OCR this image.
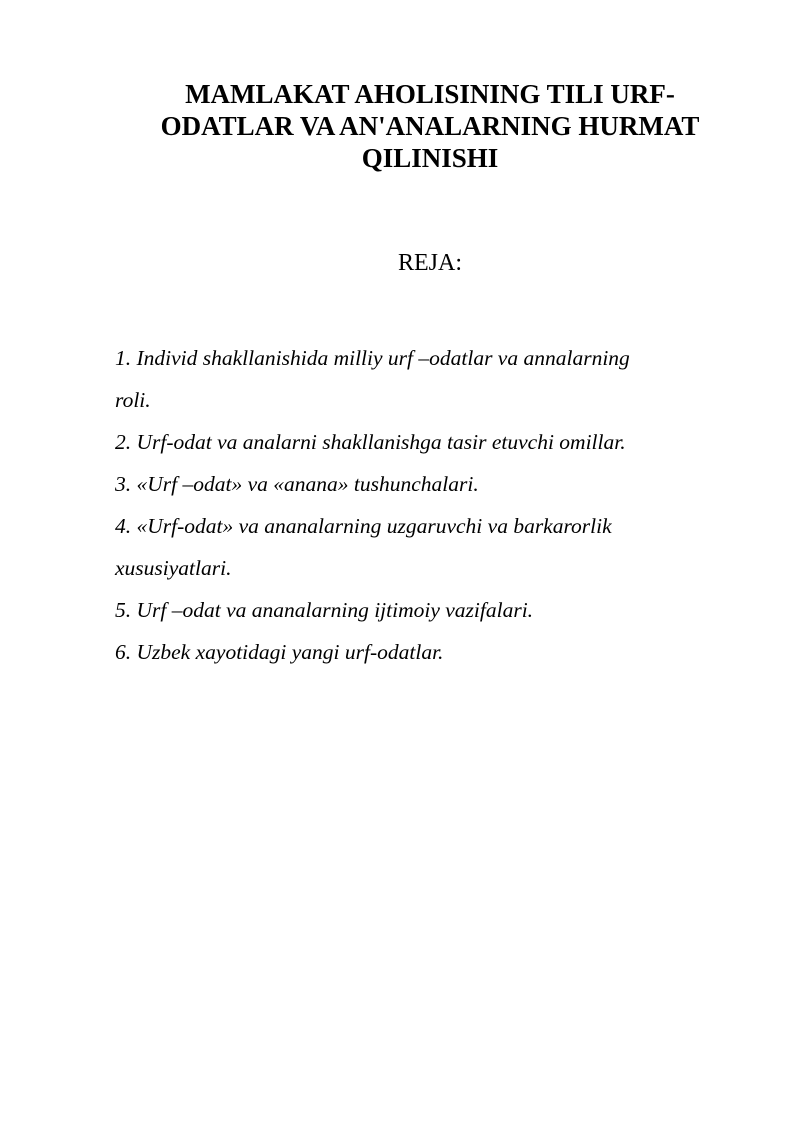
MAMLAKAT AHOLISINING TILI URF-
ODATLAR VA AN'ANALARNING HURMAT
QILINISHI
REJA:
1. Individ shakllanishida milliy urf –odatlar va annalarning
roli.
2. Urf-odat va analarni shakllanishga tasir etuvchi omillar.
3. «Urf –odat» va «anana» tushunchalari.
4. «Urf-odat» va ananalarning uzgaruvchi va barkarorlik
xususiyatlari.
5. Urf –odat va ananalarning ijtimoiy vazifalari.
6. Uzbek xayotidagi yangi urf-odatlar.
